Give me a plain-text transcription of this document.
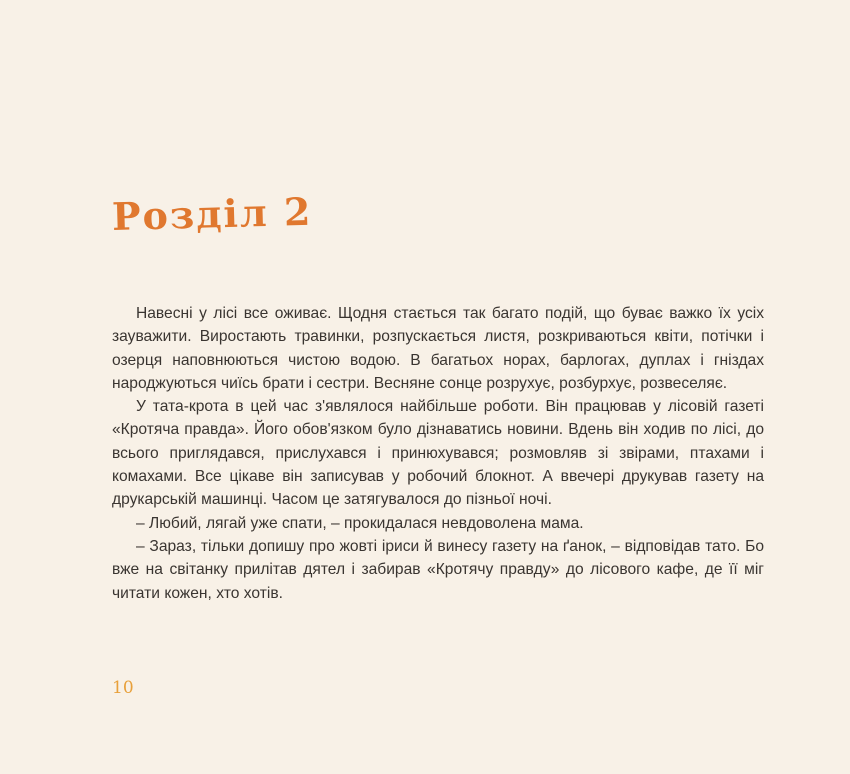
Розділ 2

Навесні у лісі все оживає. Щодня стається так багато подій, що буває важко їх усіх зауважити. Виростають травинки, розпускається листя, розкриваються квіти, потічки і озерця наповнюються чистою водою. В багатьох норах, барлогах, дуплах і гніздах народжуються чиїсь брати і сестри. Весняне сонце розрухує, розбурхує, розвеселяє.

У тата-крота в цей час з'являлося найбільше роботи. Він працював у лісовій газеті «Кротяча правда». Його обов'язком було дізнаватись новини. Вдень він ходив по лісі, до всього приглядався, прислухався і принюхувався; розмовляв зі звірами, птахами і комахами. Все цікаве він записував у робочий блокнот. А ввечері друкував газету на друкарській машинці. Часом це затягувалося до пізньої ночі.

– Любий, лягай уже спати, – прокидалася невдоволена мама.

– Зараз, тільки допишу про жовті іриси й винесу газету на ґанок, – відповідав тато. Бо вже на світанку прилітав дятел і забирав «Кротячу правду» до лісового кафе, де її міг читати кожен, хто хотів.

10
